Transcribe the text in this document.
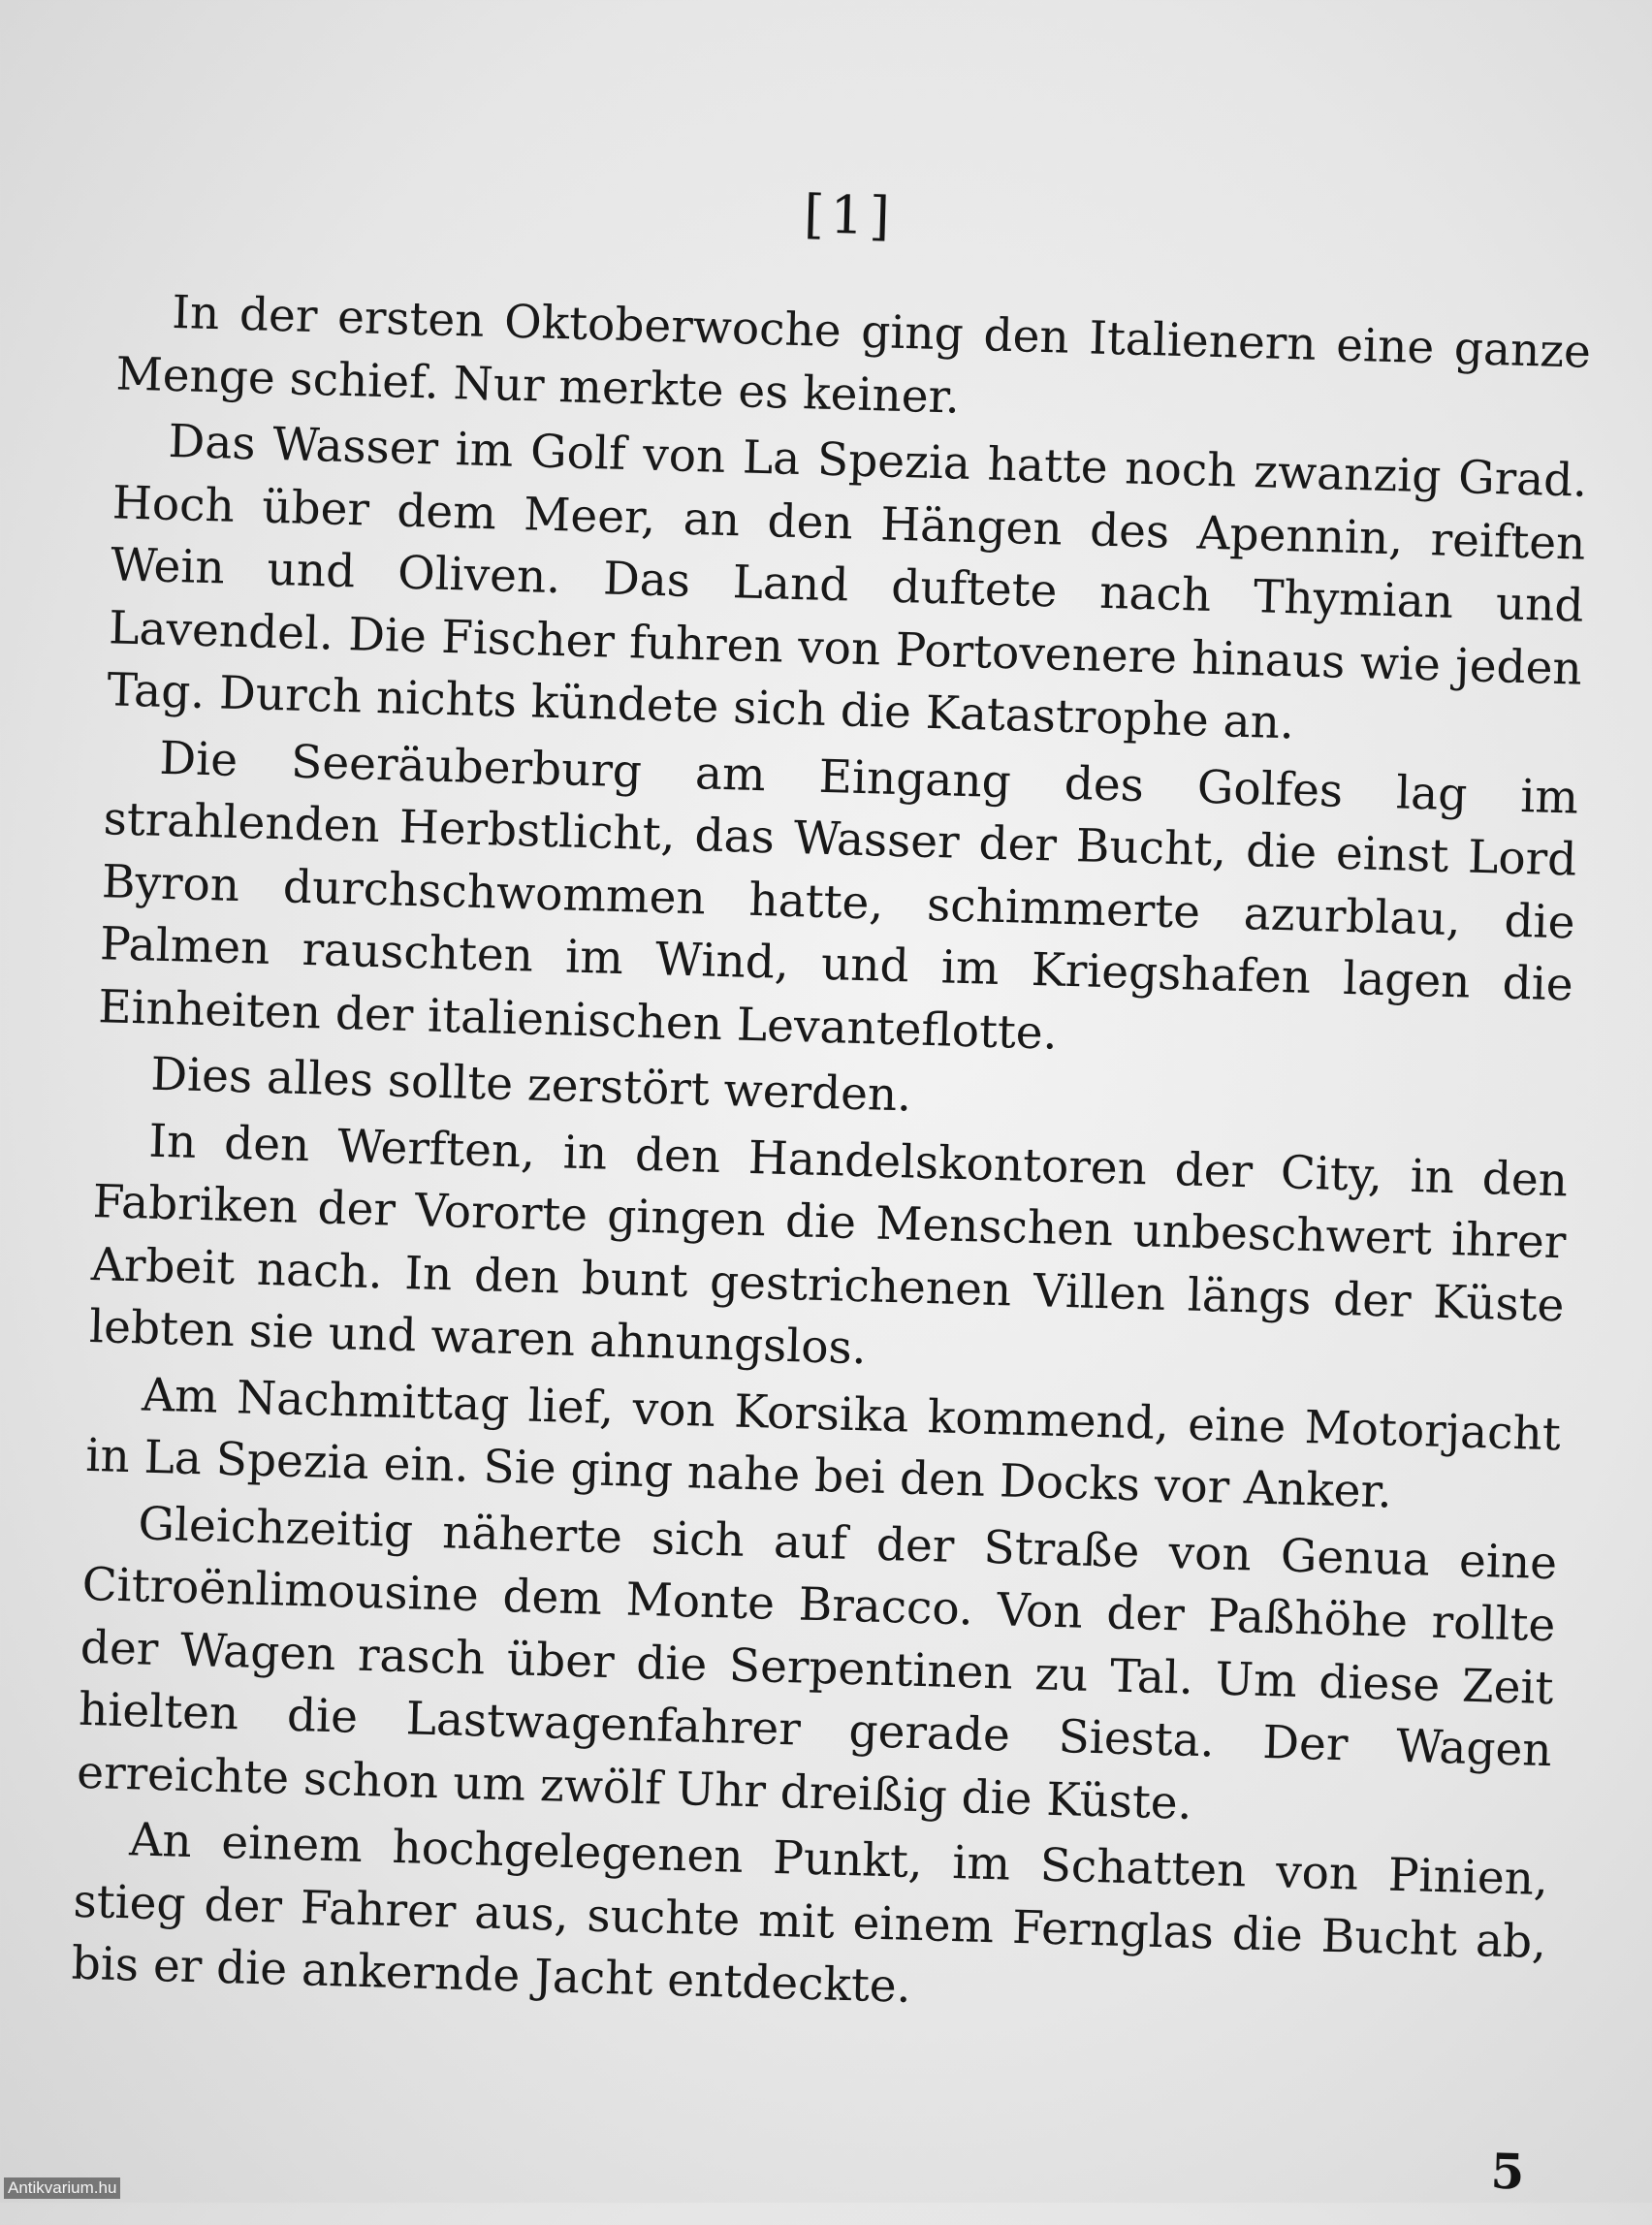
[1]

In der ersten Oktoberwoche ging den Italienern eine ganze Menge schief. Nur merkte es keiner.

Das Wasser im Golf von La Spezia hatte noch zwanzig Grad. Hoch über dem Meer, an den Hängen des Apennin, reiften Wein und Oliven. Das Land duftete nach Thymian und Lavendel. Die Fischer fuhren von Portovenere hinaus wie jeden Tag. Durch nichts kündete sich die Katastrophe an.

Die Seeräuberburg am Eingang des Golfes lag im strahlenden Herbstlicht, das Wasser der Bucht, die einst Lord Byron durchschwommen hatte, schimmerte azurblau, die Palmen rauschten im Wind, und im Kriegshafen lagen die Einheiten der italienischen Levanteflotte.

Dies alles sollte zerstört werden.

In den Werften, in den Handelskontoren der City, in den Fabriken der Vororte gingen die Menschen unbeschwert ihrer Arbeit nach. In den bunt gestrichenen Villen längs der Küste lebten sie und waren ahnungslos.

Am Nachmittag lief, von Korsika kommend, eine Motorjacht in La Spezia ein. Sie ging nahe bei den Docks vor Anker.

Gleichzeitig näherte sich auf der Straße von Genua eine Citroënlimousine dem Monte Bracco. Von der Paßhöhe rollte der Wagen rasch über die Serpentinen zu Tal. Um diese Zeit hielten die Lastwagenfahrer gerade Siesta. Der Wagen erreichte schon um zwölf Uhr dreißig die Küste.

An einem hochgelegenen Punkt, im Schatten von Pinien, stieg der Fahrer aus, suchte mit einem Fernglas die Bucht ab, bis er die ankernde Jacht entdeckte.

5
Antikvarium.hu
